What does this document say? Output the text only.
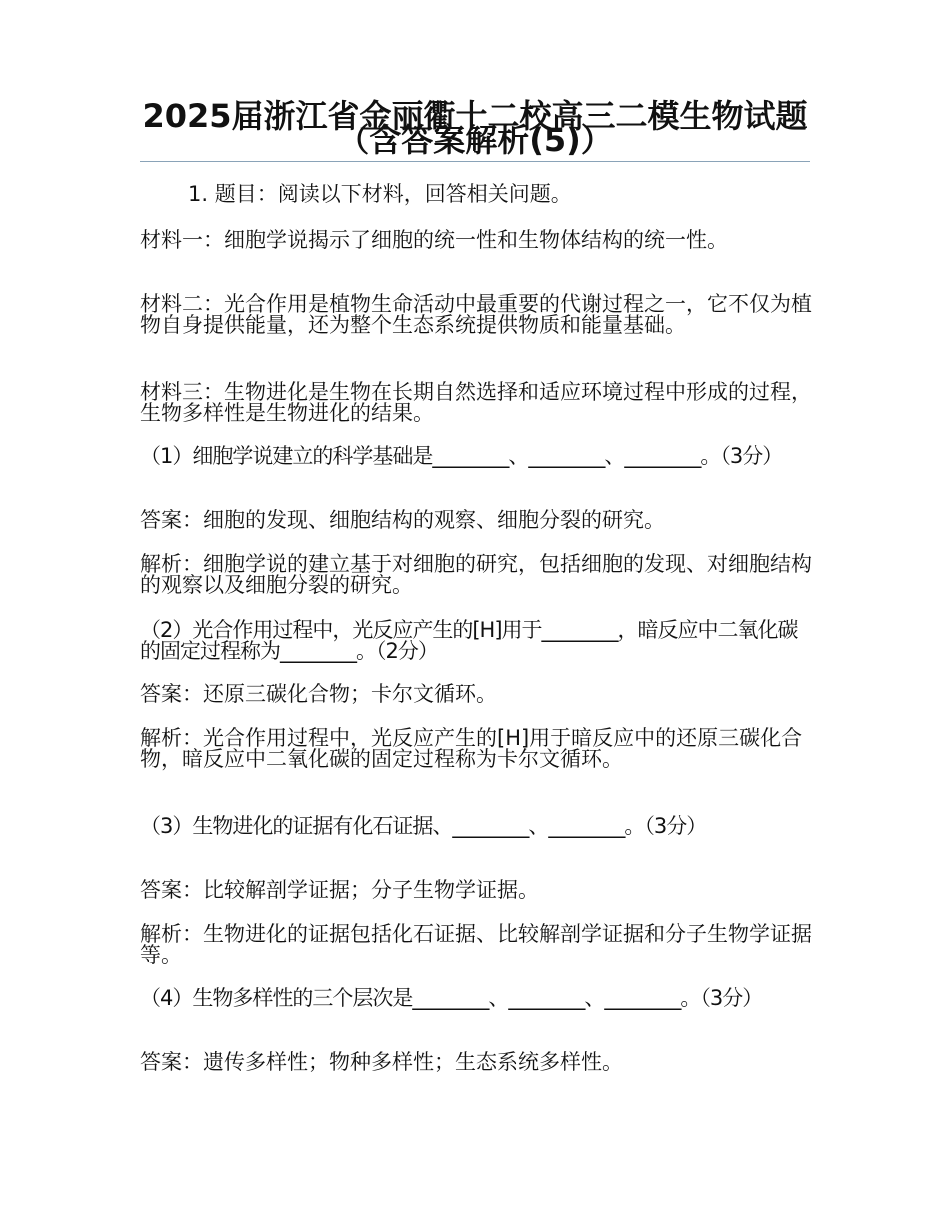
2025届浙江省金丽衢十二校高三二模生物试题（含答案解析(5)）

1. 题目：阅读以下材料，回答相关问题。

材料一：细胞学说揭示了细胞的统一性和生物体结构的统一性。

材料二：光合作用是植物生命活动中最重要的代谢过程之一，它不仅为植物自身提供能量，还为整个生态系统提供物质和能量基础。

材料三：生物进化是生物在长期自然选择和适应环境过程中形成的过程，生物多样性是生物进化的结果。

（1）细胞学说建立的科学基础是________、________、________。（3分）

答案：细胞的发现、细胞结构的观察、细胞分裂的研究。

解析：细胞学说的建立基于对细胞的研究，包括细胞的发现、对细胞结构的观察以及细胞分裂的研究。

（2）光合作用过程中，光反应产生的[H]用于________，暗反应中二氧化碳的固定过程称为________。（2分）

答案：还原三碳化合物；卡尔文循环。

解析：光合作用过程中，光反应产生的[H]用于暗反应中的还原三碳化合物，暗反应中二氧化碳的固定过程称为卡尔文循环。

（3）生物进化的证据有化石证据、________、________。（3分）

答案：比较解剖学证据；分子生物学证据。

解析：生物进化的证据包括化石证据、比较解剖学证据和分子生物学证据等。

（4）生物多样性的三个层次是________、________、________。（3分）

答案：遗传多样性；物种多样性；生态系统多样性。
